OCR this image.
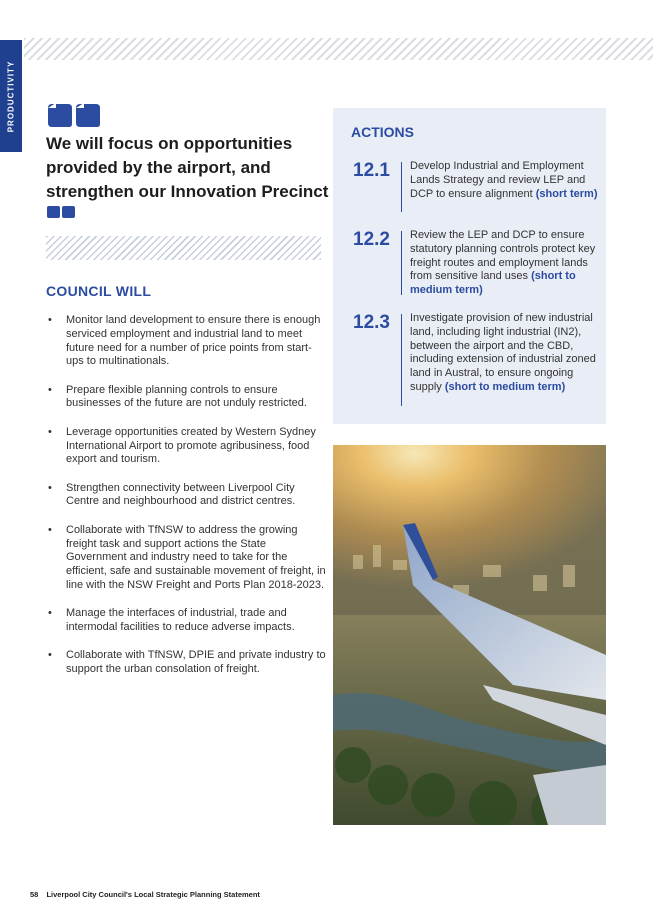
PRODUCTIVITY
We will focus on opportunities provided by the airport, and strengthen our Innovation Precinct
COUNCIL WILL
• Monitor land development to ensure there is enough serviced employment and industrial land to meet future need for a number of price points from start-ups to multinationals.
• Prepare flexible planning controls to ensure businesses of the future are not unduly restricted.
• Leverage opportunities created by Western Sydney International Airport to promote agribusiness, food export and tourism.
• Strengthen connectivity between Liverpool City Centre and neighbourhood and district centres.
• Collaborate with TfNSW to address the growing freight task and support actions the State Government and industry need to take for the efficient, safe and sustainable movement of freight, in line with the NSW Freight and Ports Plan 2018-2023.
• Manage the interfaces of industrial, trade and intermodal facilities to reduce adverse impacts.
• Collaborate with TfNSW, DPIE and private industry to support the urban consolation of freight.
ACTIONS
12.1 Develop Industrial and Employment Lands Strategy and review LEP and DCP to ensure alignment (short term)
12.2 Review the LEP and DCP to ensure statutory planning controls protect key freight routes and employment lands from sensitive land uses (short to medium term)
12.3 Investigate provision of new industrial land, including light industrial (IN2), between the airport and the CBD, including extension of industrial zoned land in Austral, to ensure ongoing supply (short to medium term)
58 Liverpool City Council's Local Strategic Planning Statement
